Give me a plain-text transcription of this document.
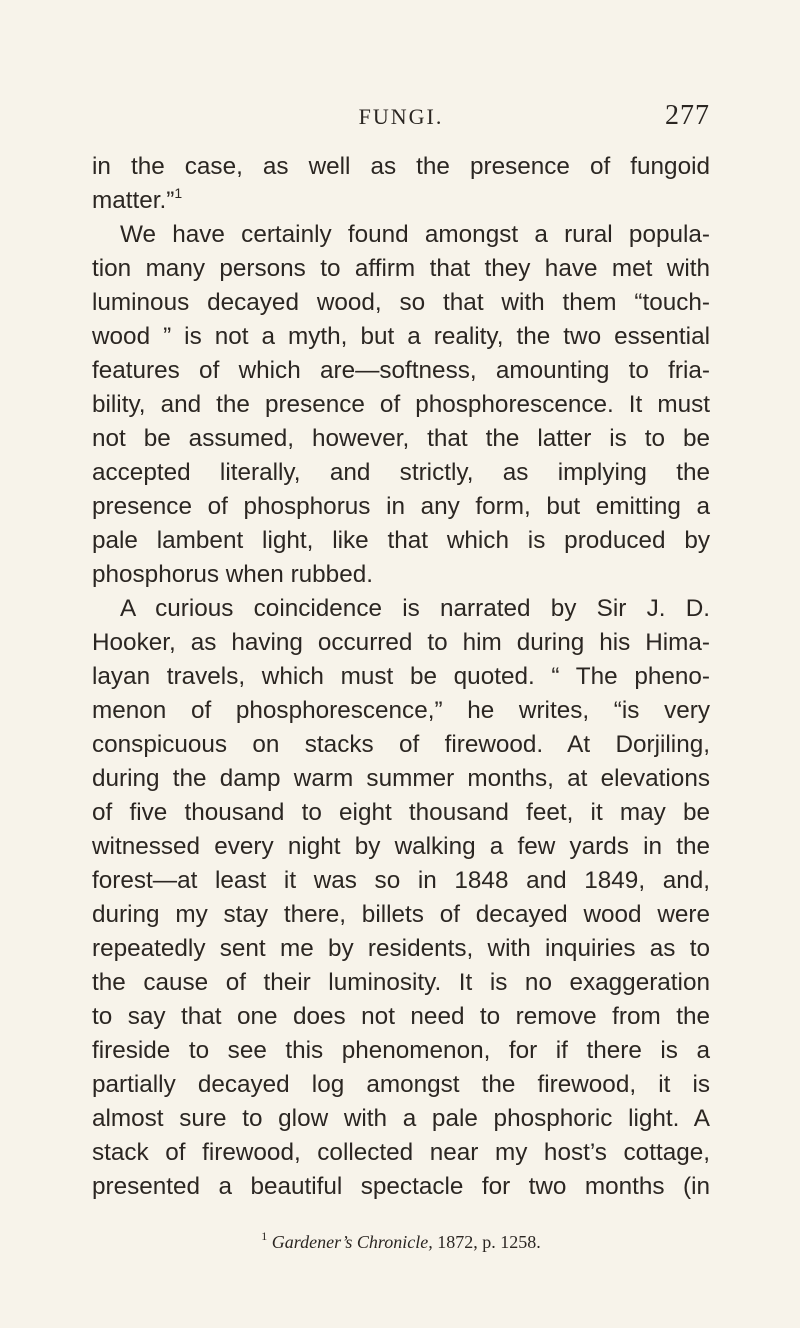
FUNGI.	277
in the case, as well as the presence of fungoid
matter.”$^1$
We have certainly found amongst a rural popula-
tion many persons to affirm that they have met with
luminous decayed wood, so that with them “touch-
wood ” is not a myth, but a reality, the two essential
features of which are—softness, amounting to fria-
bility, and the presence of phosphorescence. It must
not be assumed, however, that the latter is to be
accepted literally, and strictly, as implying the
presence of phosphorus in any form, but emitting a
pale lambent light, like that which is produced by
phosphorus when rubbed.
A curious coincidence is narrated by Sir J. D.
Hooker, as having occurred to him during his Hima-
layan travels, which must be quoted. “ The pheno-
menon of phosphorescence,” he writes, “is very
conspicuous on stacks of firewood. At Dorjiling,
during the damp warm summer months, at elevations
of five thousand to eight thousand feet, it may be
witnessed every night by walking a few yards in the
forest—at least it was so in 1848 and 1849, and,
during my stay there, billets of decayed wood were
repeatedly sent me by residents, with inquiries as to
the cause of their luminosity. It is no exaggeration
to say that one does not need to remove from the
fireside to see this phenomenon, for if there is a
partially decayed log amongst the firewood, it is
almost sure to glow with a pale phosphoric light. A
stack of firewood, collected near my host’s cottage,
presented a beautiful spectacle for two months (in
$^1$ Gardener’s Chronicle, 1872, p. 1258.
